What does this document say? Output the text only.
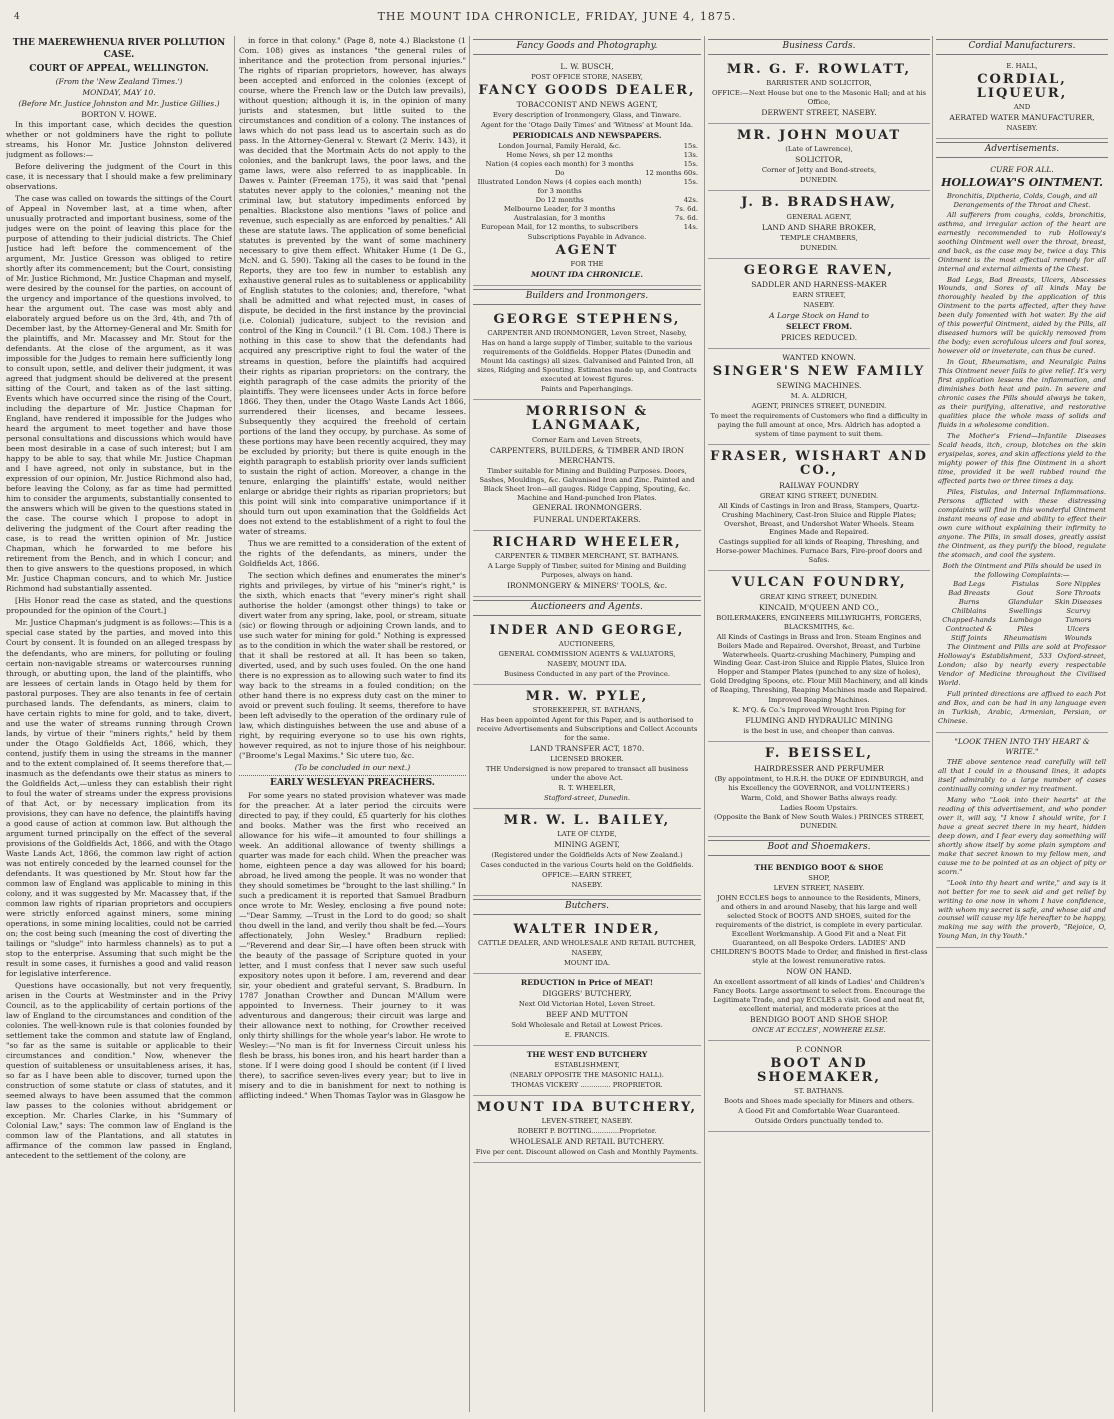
4	THE MOUNT IDA CHRONICLE, FRIDAY, JUNE 4, 1875.
THE MAEREWHENUA RIVER POLLUTION CASE.
COURT OF APPEAL, WELLINGTON.
(From the 'New Zealand Times.')
MONDAY, MAY 10.
(Before Mr. Justice Johnston and Mr. Justice Gillies.)
BORTON V. HOWE.

In this important case, which decides the question whether or not goldminers have the right to pollute streams, his Honor Mr. Justice Johnston delivered judgment as follows:—

Before delivering the judgment of the Court in this case, it is necessary that I should make a few preliminary observations.

The case was called on towards the sittings of the Court of Appeal in November last, at a time when, after unusually protracted and important business, some of the judges were on the point of leaving this place for the purpose of attending to their judicial districts. The Chief Justice had left before the commencement of the argument, Mr. Justice Gresson was obliged to retire shortly after its commencement; but the Court, consisting of Mr. Justice Richmond, Mr. Justice Chapman and myself, were desired by the counsel for the parties, on account of the urgency and importance of the questions involved, to hear the argument out. The case was most ably and elaborately argued before us on the 3rd, 4th, and 7th of December last, by the Attorney-General and Mr. Smith for the plaintiffs, and Mr. Macassey and Mr. Stout for the defendants. At the close of the argument, as it was impossible for the Judges to remain here sufficiently long to consult upon, settle, and deliver their judgment, it was agreed that judgment should be delivered at the present sitting of the Court, and taken as of the last sitting. Events which have occurred since the rising of the Court, including the departure of Mr. Justice Chapman for England, have rendered it impossible for the Judges who heard the argument to meet together and have those personal consultations and discussions which would have been most desirable in a case of such interest; but I am happy to be able to say, that while Mr. Justice Chapman and I have agreed, not only in substance, but in the expression of our opinion, Mr. Justice Richmond also had, before leaving the Colony, as far as time had permitted him to consider the arguments, substantially consented to the answers which will be given to the questions stated in the case. The course which I propose to adopt in delivering the judgment of the Court after reading the case, is to read the written opinion of Mr. Justice Chapman, which he forwarded to me before his retirement from the Bench, and in which I concur; and then to give answers to the questions proposed, in which Mr. Justice Chapman concurs, and to which Mr. Justice Richmond had substantially assented.

[His Honor read the case as stated, and the questions propounded for the opinion of the Court.]

Mr. Justice Chapman's judgment is as follows:—This is a special case stated by the parties, and moved into this Court by consent. It is founded on an alleged trespass by the defendants, who are miners, for polluting or fouling certain non-navigable streams or watercourses running through, or abutting upon, the land of the plaintiffs, who are lessees of certain lands in Otago held by them for pastoral purposes. They are also tenants in fee of certain purchased lands. The defendants, as miners, claim to have certain rights to mine for gold, and to take, divert, and use the water of streams running through Crown lands, by virtue of their "miners rights," held by them under the Otago Goldfields Act, 1866, which, they contend, justify them in using the streams in the manner and to the extent complained of. It seems therefore that,—inasmuch as the defendants owe their status as miners to the Goldfields Act,—unless they can establish their right to foul the water of streams under the express provisions of that Act, or by necessary implication from its provisions, they can have no defence, the plaintiffs having a good cause of action at common law. But although the argument turned principally on the effect of the several provisions of the Goldfields Act, 1866, and with the Otago Waste Lands Act, 1866, the common law right of action was not entirely conceded by the learned counsel for the defendants. It was questioned by Mr. Stout how far the common law of England was applicable to mining in this colony, and it was suggested by Mr. Macassey that, if the common law rights of riparian proprietors and occupiers were strictly enforced against miners, some mining operations, in some mining localities, could not be carried on; the cost being such (meaning the cost of diverting the tailings or "sludge" into harmless channels) as to put a stop to the enterprise. Assuming that such might be the result in some cases, it furnishes a good and valid reason for legislative interference.

Questions have occasionally, but not very frequently, arisen in the Courts at Westminster and in the Privy Council, as to the applicability of certain portions of the law of England to the circumstances and condition of the colonies. The well-known rule is that colonies founded by settlement take the common and statute law of England, "so far as the same is suitable or applicable to their circumstances and condition." Now, whenever the question of suitableness or unsuitableness arises, it has, so far as I have been able to discover, turned upon the construction of some statute or class of statutes, and it seemed always to have been assumed that the common law passes to the colonies without abridgement or exception. Mr. Charles Clarke, in his "Summary of Colonial Law," says: The common law of England is the common law of the Plantations, and all statutes in affirmance of the common law passed in England, antecedent to the settlement of the colony, are

in force in that colony." (Page 8, note 4.) Blackstone (1 Com. 108) gives as instances "the general rules of inheritance and the protection from personal injuries." The rights of riparian proprietors, however, has always been accepted and enforced in the colonies (except of course, where the French law or the Dutch law prevails), without question; although it is, in the opinion of many jurists and statesmen, but little suited to the circumstances and condition of a colony. The instances of laws which do not pass lead us to ascertain such as do pass. In the Attorney-General v. Stewart (2 Meriv. 143), it was decided that the Mortmain Acts do not apply to the colonies, and the bankrupt laws, the poor laws, and the game laws, were also referred to as inapplicable. In Dawes v. Painter (Freeman 175), it was said that "penal statutes never apply to the colonies," meaning not the criminal law, but statutory impediments enforced by penalties. Blackstone also mentions "laws of police and revenue, such especially as are enforced by penalties." All these are statute laws. The application of some beneficial statutes is prevented by the want of some machinery necessary to give them effect. Whitaker Hume (1 De G., McN. and G. 590). Taking all the cases to be found in the Reports, they are too few in number to establish any exhaustive general rules as to suitableness or applicability of English statutes to the colonies; and, therefore, "what shall be admitted and what rejected must, in cases of dispute, be decided in the first instance by the provincial (i.e. Colonial) judicature, subject to the revision and control of the King in Council." (1 Bl. Com. 108.) There is nothing in this case to show that the defendants had acquired any prescriptive right to foul the water of the streams in question, before the plaintiffs had acquired their rights as riparian proprietors: on the contrary, the eighth paragraph of the case admits the priority of the plaintiffs. They were licensees under Acts in force before 1866. They then, under the Otago Waste Lands Act 1866, surrendered their licenses, and became lessees. Subsequently they acquired the freehold of certain portions of the land they occupy, by purchase. As some of these portions may have been recently acquired, they may be excluded by priority; but there is quite enough in the eighth paragraph to establish priority over lands sufficient to sustain the right of action. Moreover, a change in the tenure, enlarging the plaintiffs' estate, would neither enlarge or abridge their rights as riparian proprietors; but this point will sink into comparative unimportance if it should turn out upon examination that the Goldfields Act does not extend to the establishment of a right to foul the water of streams.

Thus we are remitted to a consideration of the extent of the rights of the defendants, as miners, under the Goldfields Act, 1866.

The section which defines and enumerates the miner's rights and privileges, by virtue of his "miner's right," is the sixth, which enacts that "every miner's right shall authorise the holder (amongst other things) to take or divert water from any spring, lake, pool, or stream, situate (sic) or flowing through or adjoining Crown lands, and to use such water for mining for gold." Nothing is expressed as to the condition in which the water shall be restored, or that it shall be restored at all. It has been so taken, diverted, used, and by such uses fouled. On the one hand there is no expression as to allowing such water to find its way back to the streams in a fouled condition; on the other hand there is no express duty cast on the miner to avoid or prevent such fouling. It seems, therefore to have been left advisedly to the operation of the ordinary rule of law, which distinguishes between the use and abuse of a right, by requiring everyone so to use his own rights, however required, as not to injure those of his neighbour. ("Broome's Legal Maxims." Sic utere tuo, &c.

(To be concluded in our next.)
EARLY WESLEYAN PREACHERS.

For some years no stated provision whatever was made for the preacher. At a later period the circuits were directed to pay, if they could, £5 quarterly for his clothes and books. Mather was the first who received an allowance for his wife—it amounted to four shillings a week. An additional allowance of twenty shillings a quarter was made for each child. When the preacher was home, eighteen pence a day was allowed for his board; abroad, he lived among the people. It was no wonder that they should sometimes be "brought to the last shilling." In such a predicament it is reported that Samuel Bradburn once wrote to Mr. Wesley, enclosing a five pound note:—"Dear Sammy, —Trust in the Lord to do good; so shalt thou dwell in the land, and verily thou shalt be fed.—Yours affectionately, John Wesley." Bradburn replied:—"Reverend and dear Sir,—I have often been struck with the beauty of the passage of Scripture quoted in your letter, and I must confess that I never saw such useful expository notes upon it before. I am, reverend and dear sir, your obedient and grateful servant, S. Bradburn. In 1787 Jonathan Crowther and Duncan M'Allum were appointed to Inverness. Their journey to it was adventurous and dangerous; their circuit was large and their allowance next to nothing, for Crowther received only thirty shillings for the whole year's labor. He wrote to Wesley:—"No man is fit for Inverness Circuit unless his flesh be brass, his bones iron, and his heart harder than a stone. If I were doing good I should be content (if I lived there), to sacrifice seven-lives every year; but to live in misery and to die in banishment for next to nothing is afflicting indeed." When Thomas Taylor was in Glasgow he

Fancy Goods and Photography.
L. W. BUSCH,
POST OFFICE STORE, NASEBY,
FANCY GOODS DEALER,
TOBACCONIST AND NEWS AGENT,
Every description of Ironmongery, Glass, and Tinware.
Agent for the 'Otago Daily Times' and 'Witness' at Mount Ida.
PERIODICALS AND NEWSPAPERS.
London Journal, Family Herald, &c.	15s.
Home News, sh per 12 months	13s.
Nation (4 copies each month) for 3 months	15s.
Do	12 months 60s.
Illustrated London News (4 copies each month) for 3 months	15s.
Do 12 months	42s.
Melbourne Leader, for 3 months	7s. 6d.
Australasian, for 3 months	7s. 6d.
European Mail, for 12 months, to subscribers	14s.
Subscriptions Payable in Advance.
AGENT
FOR THE
MOUNT IDA CHRONICLE.
Builders and Ironmongers.
GEORGE STEPHENS,
CARPENTER AND IRONMONGER, Leven Street, Naseby,
Has on hand a large supply of Timber, suitable to the various requirements of the Goldfields. Hopper Plates (Dunedin and Mount Ida castings) all sizes. Galvanised and Painted Iron, all sizes, Ridging and Spouting. Estimates made up, and Contracts executed at lowest figures.
Paints and Paperhangings.
MORRISON & LANGMAAK,
Corner Earn and Leven Streets,
CARPENTERS, BUILDERS, & TIMBER AND IRON MERCHANTS.
Timber suitable for Mining and Building Purposes. Doors, Sashes, Mouldings, &c. Galvanised Iron and Zinc. Painted and Black Sheet Iron—all gauges. Ridge Capping, Spouting, &c. Machine and Hand-punched Iron Plates.
GENERAL IRONMONGERS.
FUNERAL UNDERTAKERS.
RICHARD WHEELER,
CARPENTER & TIMBER MERCHANT, ST. BATHANS.
A Large Supply of Timber, suited for Mining and Building Purposes, always on hand.
IRONMONGERY & MINERS' TOOLS, &c.
Auctioneers and Agents.
INDER AND GEORGE,
AUCTIONEERS,
GENERAL COMMISSION AGENTS & VALUATORS,
NASEBY, MOUNT IDA.
Business Conducted in any part of the Province.
MR. W. PYLE,
STOREKEEPER, ST. BATHANS,
Has been appointed Agent for this Paper, and is authorised to receive Advertisements and Subscriptions and Collect Accounts for the same.
LAND TRANSFER ACT, 1870.
LICENSED BROKER.
THE Undersigned is now prepared to transact all business under the above Act.
R. T. WHEELER,
Stafford-street, Dunedin.
MR. W. L. BAILEY,
LATE OF CLYDE,
MINING AGENT,
(Registered under the Goldfields Acts of New Zealand.)
Cases conducted in the various Courts held on the Goldfields.
OFFICE:—EARN STREET,
NASEBY.
Butchers.
WALTER INDER,
CATTLE DEALER, AND WHOLESALE AND RETAIL BUTCHER,
NASEBY,
MOUNT IDA.
REDUCTION in Price of MEAT!
DIGGERS' BUTCHERY,
Next Old Victorian Hotel, Leven Street.
BEEF AND MUTTON
Sold Wholesale and Retail at Lowest Prices.
E. FRANCIS.
THE WEST END BUTCHERY
ESTABLISHMENT,
(NEARLY OPPOSITE THE MASONIC HALL).
THOMAS VICKERY .............. PROPRIETOR.
MOUNT IDA BUTCHERY,
LEVEN-STREET, NASEBY.
ROBERT P. BOTTING.............Proprietor.
WHOLESALE AND RETAIL BUTCHERY.
Five per cent. Discount allowed on Cash and Monthly Payments.
Business Cards.
MR. G. F. ROWLATT,
BARRISTER AND SOLICITOR,
OFFICE:—Next House but one to the Masonic Hall; and at his Office,
DERWENT STREET, NASEBY.
MR. JOHN MOUAT
(Late of Lawrence),
SOLICITOR,
Corner of Jetty and Bond-streets,
DUNEDIN.
J. B. BRADSHAW,
GENERAL AGENT,
LAND AND SHARE BROKER,
TEMPLE CHAMBERS,
DUNEDIN.
GEORGE RAVEN,
SADDLER AND HARNESS-MAKER
EARN STREET,
NASEBY.
A Large Stock on Hand to
SELECT FROM.
PRICES REDUCED.
WANTED KNOWN.
SINGER'S NEW FAMILY
SEWING MACHINES.
M. A. ALDRICH,
AGENT, PRINCES STREET, DUNEDIN.
To meet the requirements of Customers who find a difficulty in paying the full amount at once, Mrs. Aldrich has adopted a system of time payment to suit them.
FRASER, WISHART AND CO.,
RAILWAY FOUNDRY
GREAT KING STREET, DUNEDIN.
All Kinds of Castings in Iron and Brass, Stampers, Quartz-Crushing Machinery, Cast-Iron Sluice and Ripple Plates; Overshot, Breast, and Undershot Water Wheels. Steam Engines Made and Repaired.
Castings supplied for all kinds of Reaping, Threshing, and Horse-power Machines. Furnace Bars, Fire-proof doors and Safes.
VULCAN FOUNDRY,
GREAT KING STREET, DUNEDIN.
KINCAID, M'QUEEN AND CO.,
BOILERMAKERS, ENGINEERS MILLWRIGHTS, FORGERS, BLACKSMITHS, &c.
All Kinds of Castings in Brass and Iron. Steam Engines and Boilers Made and Repaired. Overshot, Breast, and Turbine Waterwheels. Quartz-crushing Machinery, Pumping and Winding Gear. Cast-iron Sluice and Ripple Plates, Sluice Iron Hopper and Stamper Plates (punched to any size of holes), Gold Dredging Spoons, etc. Flour Mill Machinery, and all kinds of Reaping, Threshing, Reaping Machines made and Repaired.
Improved Reaping Machines.
K. M'Q. & Co.'s Improved Wrought Iron Piping for
FLUMING AND HYDRAULIC MINING
is the best in use, and cheaper than canvas.
F. BEISSEL,
HAIRDRESSER AND PERFUMER
(By appointment, to H.R.H. the DUKE OF EDINBURGH, and his Excellency the GOVERNOR, and VOLUNTEERS.)
Warm, Cold, and Shower Baths always ready.
Ladies Room Upstairs.
(Opposite the Bank of New South Wales.) PRINCES STREET, DUNEDIN.
Boot and Shoemakers.
THE BENDIGO BOOT & SHOE
SHOP,
LEVEN STREET, NASEBY.
JOHN ECCLES begs to announce to the Residents, Miners, and others in and around Naseby, that his large and well selected Stock of BOOTS AND SHOES, suited for the requirements of the district, is complete in every particular. Excellent Workmanship. A Good Fit and a Neat Fit Guaranteed, on all Bespoke Orders. LADIES' AND CHILDREN'S BOOTS Made to Order, and finished in first-class style at the lowest remunerative rates.
NOW ON HAND.
An excellent assortment of all kinds of Ladies' and Children's Fancy Boots. Large assortment to select from. Encourage the Legitimate Trade, and pay ECCLES a visit. Good and neat fit, excellent material, and moderate prices at the
BENDIGO BOOT AND SHOE SHOP.
ONCE AT ECCLES', NOWHERE ELSE.
P. CONNOR
BOOT AND SHOEMAKER,
ST. BATHANS.
Boots and Shoes made specially for Miners and others.
A Good Fit and Comfortable Wear Guaranteed.
Outside Orders punctually tended to.
Cordial Manufacturers.
E. HALL,
CORDIAL, LIQUEUR,
AND
AERATED WATER MANUFACTURER,
NASEBY.
Advertisements.
CURE FOR ALL.
HOLLOWAY'S OINTMENT.
Bronchitis, Diptheria, Colds, Cough, and all Derangements of the Throat and Chest.

All sufferers from coughs, colds, bronchitis, asthma, and irregular action of the heart are earnestly recommended to rub Holloway's soothing Ointment well over the throat, breast, and back, as the case may be, twice a day. This Ointment is the most effectual remedy for all internal and external ailments of the Chest.

Bad Legs, Bad Breasts, Ulcers, Abscesses Wounds, and Sores of all kinds May be thoroughly healed by the application of this Ointment to the parts affected, after they have been duly fomented with hot water. By the aid of this powerful Ointment, aided by the Pills, all diseased humors will be quickly removed from the body; even scrofulous ulcers and foul sores, however old or inveterate, can thus be cured.

In Gout, Rheumatism, and Neuralgic Pains This Ointment never fails to give relief. It's very first application lessens the inflammation, and diminishes both heat and pain. In severe and chronic cases the Pills should always be taken, as their purifying, alterative, and restorative qualities place the whole mass of solids and fluids in a wholesome condition.

The Mother's Friend—Infantile Diseases Scald heads, itch, croup, blotches on the skin erysipelas, sores, and skin affections yield to the mighty power of this fine Ointment in a short time, provided it be well rubbed round the affected parts two or three times a day.

Piles, Fistulas, and Internal Inflammations. Persons afflicted with these distressing complaints will find in this wonderful Ointment instant means of ease and ability to effect their own cure without explaining their infirmity to anyone. The Pills, in small doses, greatly assist the Ointment, as they purify the blood, regulate the stomach, and cool the system.

Both the Ointment and Pills should be used in the following Complaints:—
Bad Legs	Fistulas	Sore Nipples
Bad Breasts	Gout	Sore Throats
Burns	Glandular	Skin Diseases
Chilblains	Swellings	Scurvy
Chapped-hands	Lumbago	Tumors
Contracted &	Piles	Ulcers
Stiff Joints	Rheumatism	Wounds

The Ointment and Pills are sold at Professor Holloway's Establishment, 533 Oxford-street, London; also by nearly every respectable Vendor of Medicine throughout the Civilised World.

Full printed directions are affixed to each Pot and Box, and can be had in any language even in Turkish, Arabic, Armenian, Persian, or Chinese.

"LOOK THEN INTO THY HEART & WRITE."

THE above sentence read carefully will tell all that I could in a thousand lines, it adapts itself admirably to a large number of cases continually coming under my treatment.

Many who "Look into their hearts" at the reading of this advertisement, and who ponder over it, will say, "I know I should write, for I have a great secret there in my heart, hidden deep down, and I fear every day something will shortly show itself by some plain symptom and make that secret known to my fellow men, and cause me to be pointed at as an object of pity or scorn."

"Look into thy heart and write," and say is it not better for me to seek aid and get relief by writing to one now in whom I have confidence, with whom my secret is safe, and whose aid and counsel will cause my life hereafter to be happy, making me say with the proverb, "Rejoice, O, Young Man, in thy Youth."
